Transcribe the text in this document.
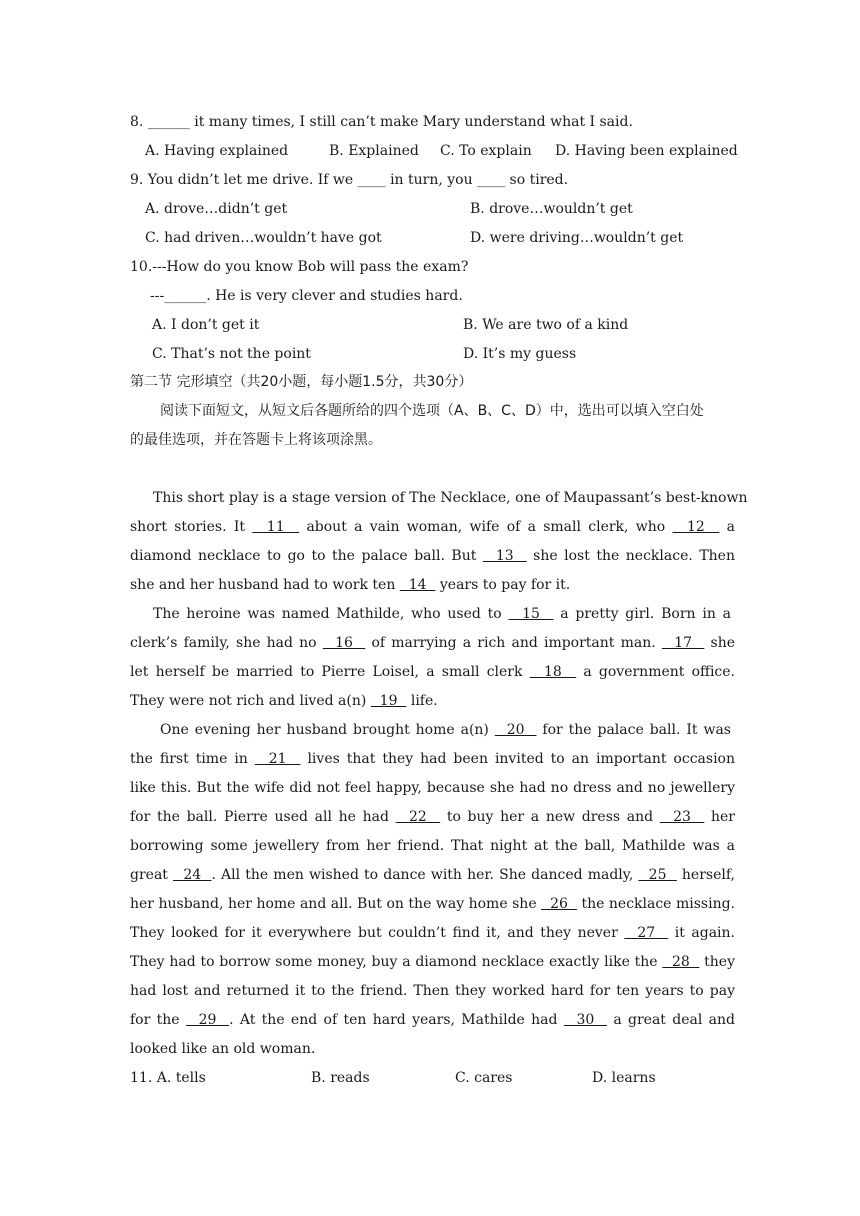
8. ______ it many times, I still can’t make Mary understand what I said.
A. Having explained	B. Explained C. To explain D. Having been explained
9. You didn’t let me drive. If we ____ in turn, you ____ so tired.
A. drove…didn’t get	B. drove…wouldn’t get
C. had driven…wouldn’t have got	D. were driving…wouldn’t get
10.---How do you know Bob will pass the exam?
---______. He is very clever and studies hard.
A. I don’t get it	B. We are two of a kind
C. That’s not the point	D. It’s my guess
第二节 完形填空（共20小题，每小题1.5分，共30分）
阅读下面短文，从短文后各题所给的四个选项（A、B、C、D）中，选出可以填入空白处
的最佳选项，并在答题卡上将该项涂黑。
This short play is a stage version of The Necklace, one of Maupassant’s best-known
short stories. It   11   about a vain woman, wife of a small clerk, who   12   a
diamond necklace to go to the palace ball. But   13   she lost the necklace. Then
she and her husband had to work ten   14   years to pay for it.
The heroine was named Mathilde, who used to   15   a pretty girl. Born in a
clerk’s family, she had no   16   of marrying a rich and important man.   17   she
let herself be married to Pierre Loisel, a small clerk   18   a government office.
They were not rich and lived a(n)   19   life.
One evening her husband brought home a(n)   20   for the palace ball. It was
the first time in   21   lives that they had been invited to an important occasion
like this. But the wife did not feel happy, because she had no dress and no jewellery
for the ball. Pierre used all he had   22   to buy her a new dress and   23   her
borrowing some jewellery from her friend. That night at the ball, Mathilde was a
great   24  . All the men wished to dance with her. She danced madly,   25   herself,
her husband, her home and all. But on the way home she   26   the necklace missing.
They looked for it everywhere but couldn’t find it, and they never   27   it again.
They had to borrow some money, buy a diamond necklace exactly like the   28   they
had lost and returned it to the friend. Then they worked hard for ten years to pay
for the   29  . At the end of ten hard years, Mathilde had   30   a great deal and
looked like an old woman.
11. A. tells	B. reads	C. cares	D. learns
